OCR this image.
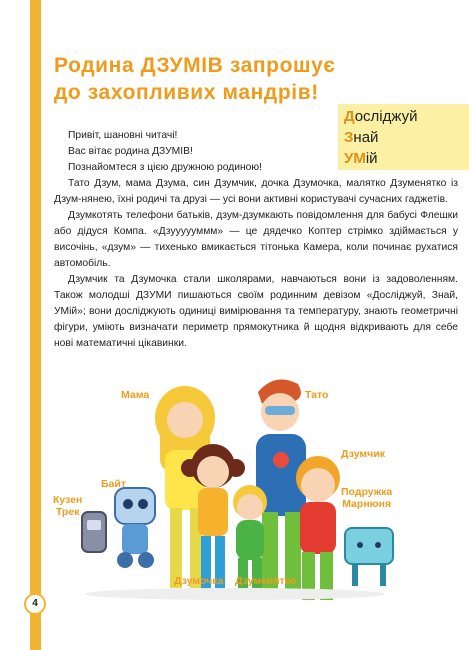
4
Родина ДЗУМІВ запрошує
до захопливих мандрів!
Досліджуй
Знай
УМій

Привіт, шановні читачі!

Вас вітає родина ДЗУМІВ!

Познайомтеся з цією дружною родиною!

Тато Дзум, мама Дзума, син Дзумчик, дочка Дзумочка, малятко Дзуменятко із Дзум-нянею, їхні родичі та друзі — усі вони активні користувачі сучасних гаджетів.

Дзумкотять телефони батьків, дзум-дзумкають повідомлення для бабусі Флешки або дідуся Компа. «Дзуууууммм» — це дядечко Коптер стрімко здіймається у височінь, «дзум» — тихенько вмикається тітонька Камера, коли починає рухатися автомобіль.

Дзумчик та Дзумочка стали школярами, навчаються вони із задоволенням. Також молодші ДЗУМИ пишаються своїм родинним девізом «Досліджуй, Знай, УМій»; вони досліджують одиниці вимірювання та температуру, знають геометричні фігури, уміють визначати периметр прямокутника й щодня відкривають для себе нові математичні цікавинки.

Мама	Тато
Дзумчик
Байт
Кузен
Трек
Подружка
Марнюня
Дзумочка Дзуменятко
